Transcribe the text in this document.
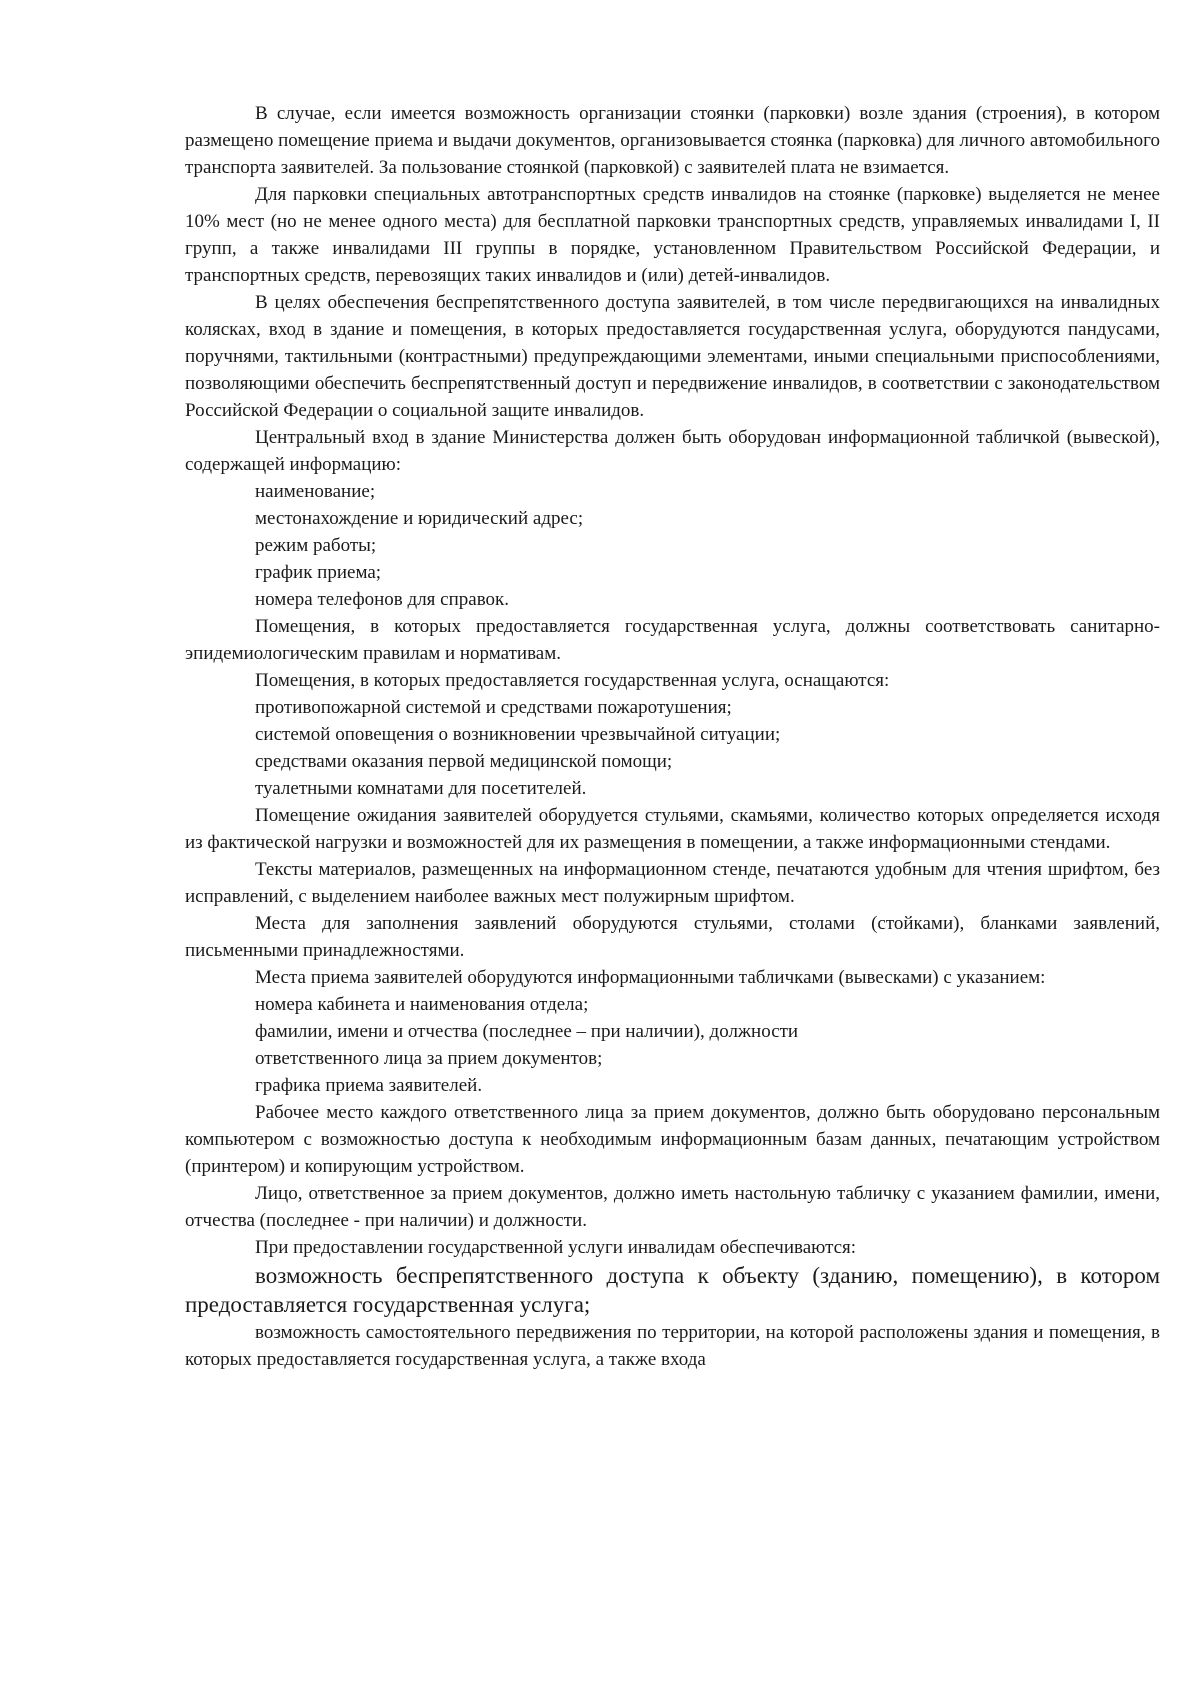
В случае, если имеется возможность организации стоянки (парковки) возле здания (строения), в котором размещено помещение приема и выдачи документов, организовывается стоянка (парковка) для личного автомобильного транспорта заявителей. За пользование стоянкой (парковкой) с заявителей плата не взимается.

Для парковки специальных автотранспортных средств инвалидов на стоянке (парковке) выделяется не менее 10% мест (но не менее одного места) для бесплатной парковки транспортных средств, управляемых инвалидами I, II групп, а также инвалидами III группы в порядке, установленном Правительством Российской Федерации, и транспортных средств, перевозящих таких инвалидов и (или) детей-инвалидов.

В целях обеспечения беспрепятственного доступа заявителей, в том числе передвигающихся на инвалидных колясках, вход в здание и помещения, в которых предоставляется государственная услуга, оборудуются пандусами, поручнями, тактильными (контрастными) предупреждающими элементами, иными специальными приспособлениями, позволяющими обеспечить беспрепятственный доступ и передвижение инвалидов, в соответствии с законодательством Российской Федерации о социальной защите инвалидов.

Центральный вход в здание Министерства должен быть оборудован информационной табличкой (вывеской), содержащей информацию:

наименование;

местонахождение и юридический адрес;

режим работы;

график приема;

номера телефонов для справок.

Помещения, в которых предоставляется государственная услуга, должны соответствовать санитарно-эпидемиологическим правилам и нормативам.

Помещения, в которых предоставляется государственная услуга, оснащаются:

противопожарной системой и средствами пожаротушения;

системой оповещения о возникновении чрезвычайной ситуации;

средствами оказания первой медицинской помощи;

туалетными комнатами для посетителей.

Помещение ожидания заявителей оборудуется стульями, скамьями, количество которых определяется исходя из фактической нагрузки и возможностей для их размещения в помещении, а также информационными стендами.

Тексты материалов, размещенных на информационном стенде, печатаются удобным для чтения шрифтом, без исправлений, с выделением наиболее важных мест полужирным шрифтом.

Места для заполнения заявлений оборудуются стульями, столами (стойками), бланками заявлений, письменными принадлежностями.

Места приема заявителей оборудуются информационными табличками (вывесками) с указанием:

номера кабинета и наименования отдела;

фамилии, имени и отчества (последнее – при наличии), должности

ответственного лица за прием документов;

графика приема заявителей.

Рабочее место каждого ответственного лица за прием документов, должно быть оборудовано персональным компьютером с возможностью доступа к необходимым информационным базам данных, печатающим устройством (принтером) и копирующим устройством.

Лицо, ответственное за прием документов, должно иметь настольную табличку с указанием фамилии, имени, отчества (последнее - при наличии) и должности.

При предоставлении государственной услуги инвалидам обеспечиваются:

возможность беспрепятственного доступа к объекту (зданию, помещению), в котором предоставляется государственная услуга;

возможность самостоятельного передвижения по территории, на которой расположены здания и помещения, в которых предоставляется государственная услуга, а также входа
